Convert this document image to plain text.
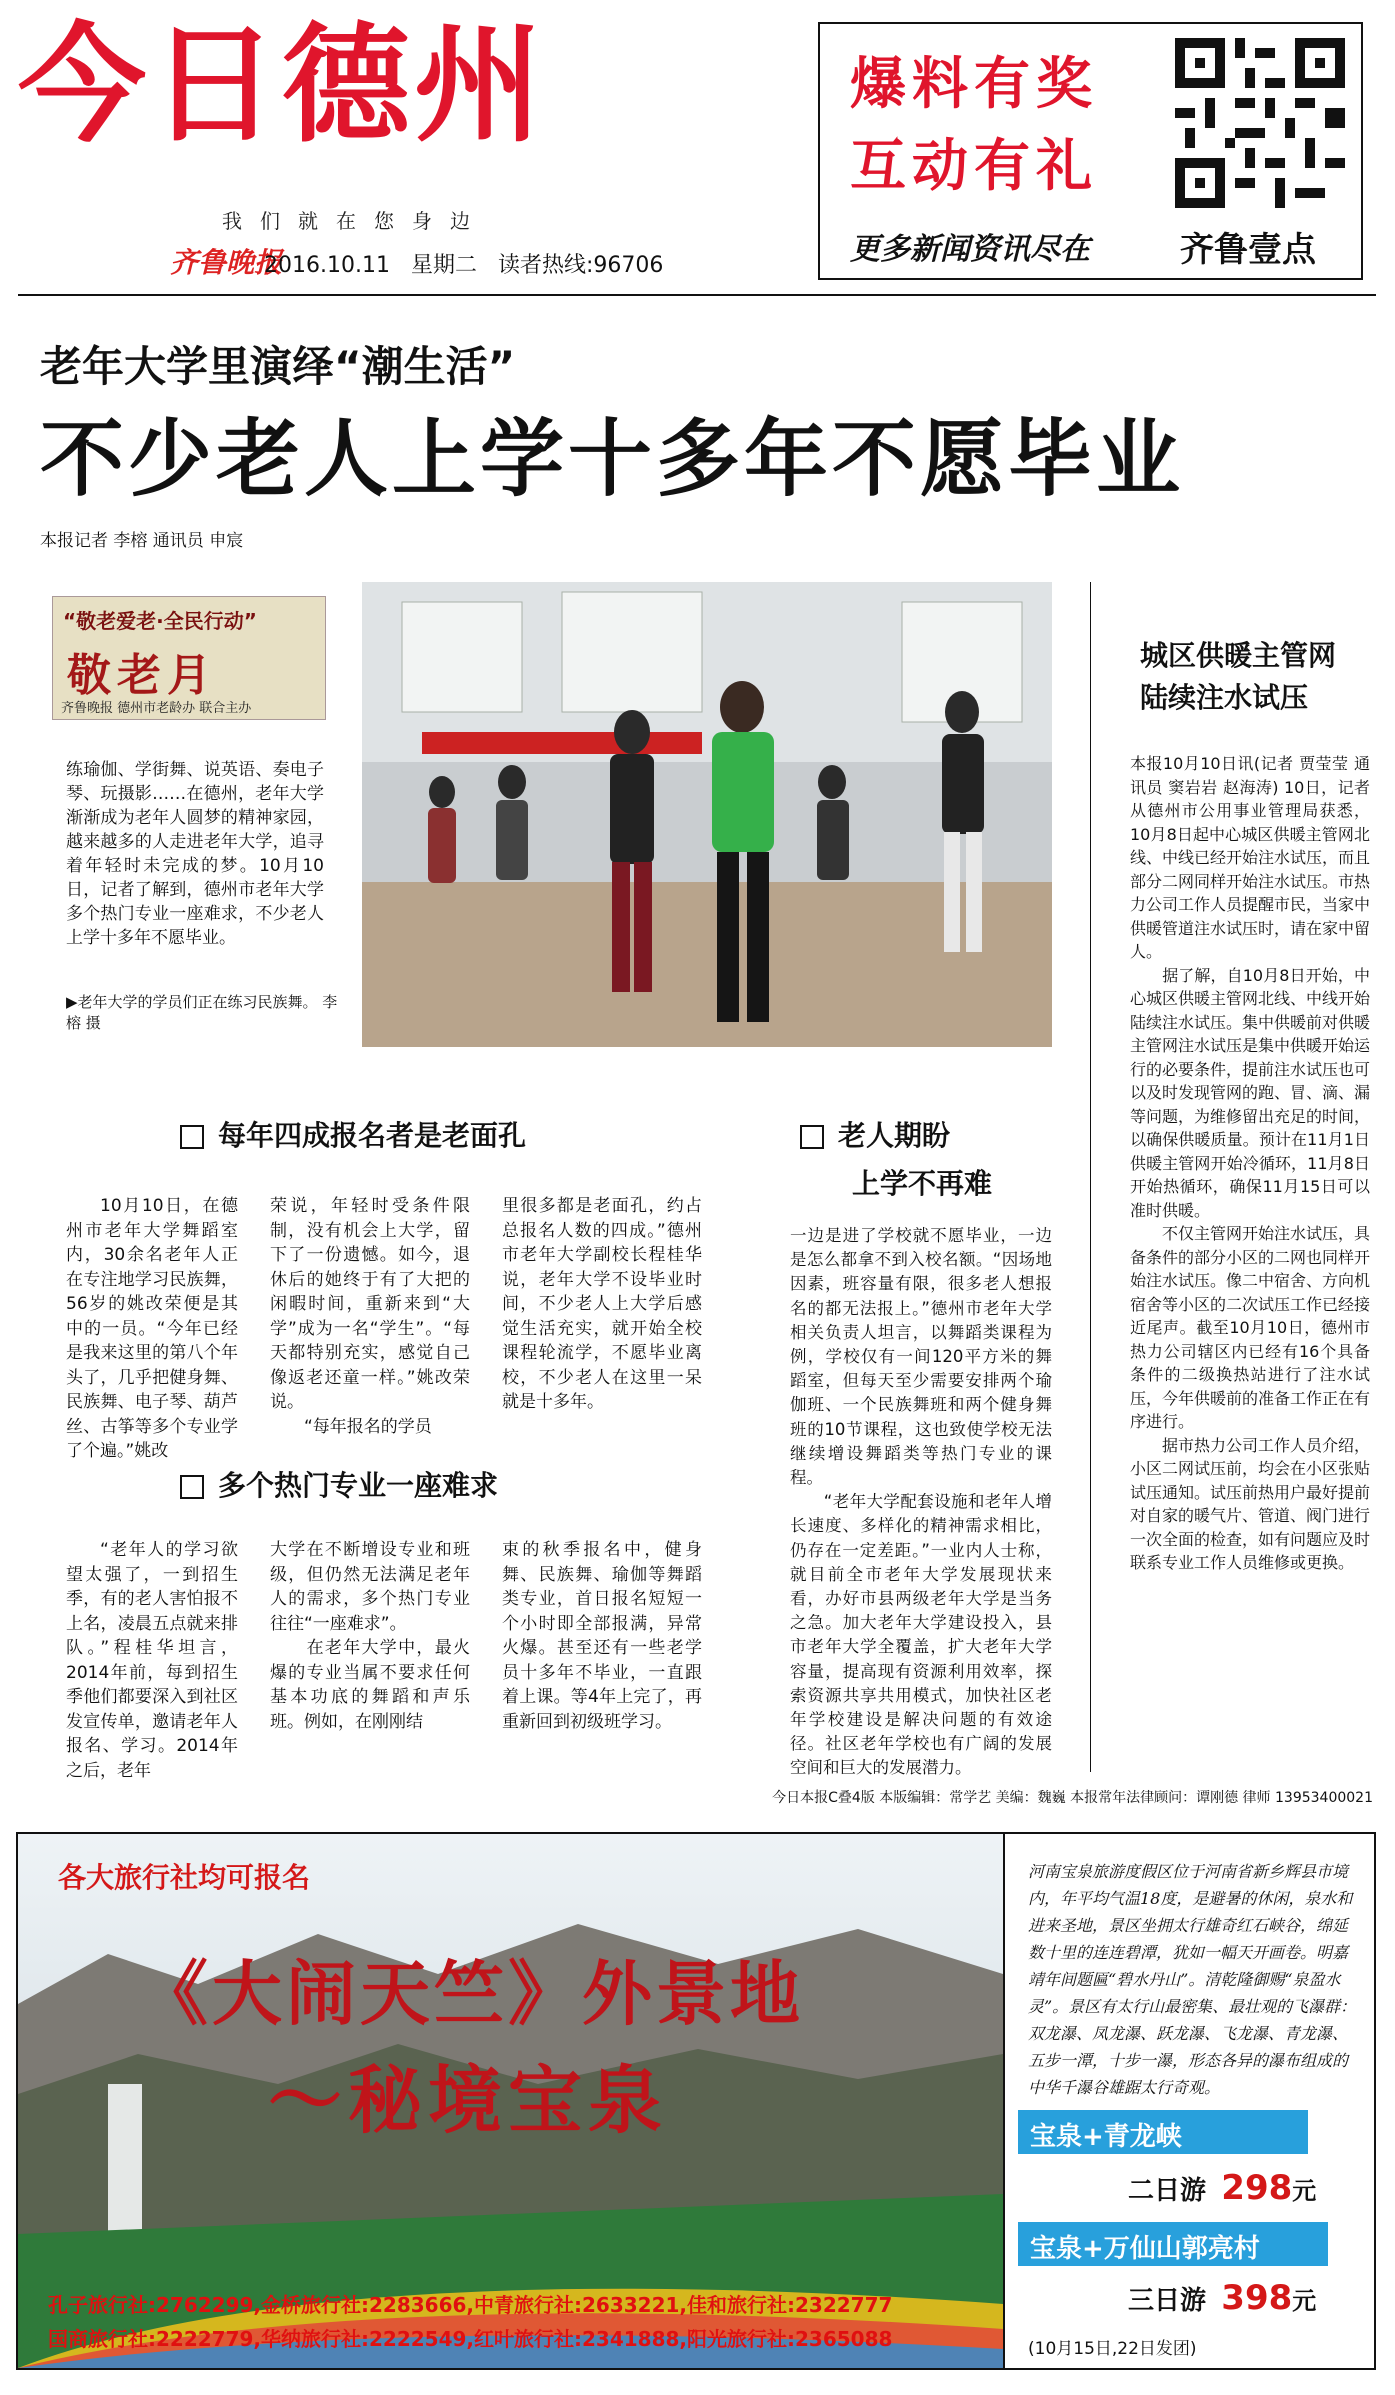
今日德州
我们就在您身边
齐鲁晚报
2016.10.11 星期二 读者热线:96706
爆料有奖
互动有礼
更多新闻资讯尽在	齐鲁壹点
老年大学里演绎“潮生活”
不少老人上学十多年不愿毕业
本报记者 李榕 通讯员 申宸
“敬老爱老·全民行动”
敬老月
齐鲁晚报 德州市老龄办 联合主办
练瑜伽、学街舞、说英语、奏电子琴、玩摄影……在德州，老年大学渐渐成为老年人圆梦的精神家园，越来越多的人走进老年大学，追寻着年轻时未完成的梦。10月10日，记者了解到，德州市老年大学多个热门专业一座难求，不少老人上学十多年不愿毕业。
▶老年大学的学员们正在练习民族舞。 李榕 摄
每年四成报名者是老面孔
10月10日，在德州市老年大学舞蹈室内，30余名老年人正在专注地学习民族舞，56岁的姚改荣便是其中的一员。“今年已经是我来这里的第八个年头了，几乎把健身舞、民族舞、电子琴、葫芦丝、古筝等多个专业学了个遍。”姚改
荣说，年轻时受条件限制，没有机会上大学，留下了一份遗憾。如今，退休后的她终于有了大把的闲暇时间，重新来到“大学”成为一名“学生”。“每天都特别充实，感觉自己像返老还童一样。”姚改荣说。
　　“每年报名的学员
里很多都是老面孔，约占总报名人数的四成。”德州市老年大学副校长程桂华说，老年大学不设毕业时间，不少老人上大学后感觉生活充实，就开始全校课程轮流学，不愿毕业离校，不少老人在这里一呆就是十多年。
多个热门专业一座难求
“老年人的学习欲望太强了，一到招生季，有的老人害怕报不上名，凌晨五点就来排队。”程桂华坦言，2014年前，每到招生季他们都要深入到社区发宣传单，邀请老年人报名、学习。2014年之后，老年
大学在不断增设专业和班级，但仍然无法满足老年人的需求，多个热门专业往往“一座难求”。
　　在老年大学中，最火爆的专业当属不要求任何基本功底的舞蹈和声乐班。例如，在刚刚结
束的秋季报名中，健身舞、民族舞、瑜伽等舞蹈类专业，首日报名短短一个小时即全部报满，异常火爆。甚至还有一些老学员十多年不毕业，一直跟着上课。等4年上完了，再重新回到初级班学习。
老人期盼
上学不再难
一边是进了学校就不愿毕业，一边是怎么都拿不到入校名额。“因场地因素，班容量有限，很多老人想报名的都无法报上。”德州市老年大学相关负责人坦言，以舞蹈类课程为例，学校仅有一间120平方米的舞蹈室，但每天至少需要安排两个瑜伽班、一个民族舞班和两个健身舞班的10节课程，这也致使学校无法继续增设舞蹈类等热门专业的课程。
　　“老年大学配套设施和老年人增长速度、多样化的精神需求相比，仍存在一定差距。”一业内人士称，就目前全市老年大学发展现状来看，办好市县两级老年大学是当务之急。加大老年大学建设投入，县市老年大学全覆盖，扩大老年大学容量，提高现有资源利用效率，探索资源共享共用模式，加快社区老年学校建设是解决问题的有效途径。社区老年学校也有广阔的发展空间和巨大的发展潜力。
城区供暖主管网
陆续注水试压
本报10月10日讯(记者 贾莹莹 通讯员 窦岩岩 赵海涛) 10日，记者从德州市公用事业管理局获悉，10月8日起中心城区供暖主管网北线、中线已经开始注水试压，而且部分二网同样开始注水试压。市热力公司工作人员提醒市民，当家中供暖管道注水试压时，请在家中留人。
　　据了解，自10月8日开始，中心城区供暖主管网北线、中线开始陆续注水试压。集中供暖前对供暖主管网注水试压是集中供暖开始运行的必要条件，提前注水试压也可以及时发现管网的跑、冒、滴、漏等问题，为维修留出充足的时间，以确保供暖质量。预计在11月1日供暖主管网开始冷循环，11月8日开始热循环，确保11月15日可以准时供暖。
　　不仅主管网开始注水试压，具备条件的部分小区的二网也同样开始注水试压。像二中宿舍、方向机宿舍等小区的二次试压工作已经接近尾声。截至10月10日，德州市热力公司辖区内已经有16个具备条件的二级换热站进行了注水试压，今年供暖前的准备工作正在有序进行。
　　据市热力公司工作人员介绍，小区二网试压前，均会在小区张贴试压通知。试压前热用户最好提前对自家的暖气片、管道、阀门进行一次全面的检查，如有问题应及时联系专业工作人员维修或更换。
今日本报C叠4版 本版编辑：常学艺 美编：魏巍 本报常年法律顾问：谭刚德 律师 13953400021
各大旅行社均可报名
《大闹天竺》外景地
～秘境宝泉
孔子旅行社:2762299,金桥旅行社:2283666,中青旅行社:2633221,佳和旅行社:2322777
国商旅行社:2222779,华纳旅行社:2222549,红叶旅行社:2341888,阳光旅行社:2365088
河南宝泉旅游度假区位于河南省新乡辉县市境内，年平均气温18度，是避暑的休闲，泉水和进来圣地，景区坐拥太行雄奇红石峡谷，绵延数十里的连连碧潭，犹如一幅天开画卷。明嘉靖年间题匾“碧水丹山”。清乾隆御赐“泉盈水灵”。景区有太行山最密集、最壮观的飞瀑群：双龙瀑、凤龙瀑、跃龙瀑、飞龙瀑、青龙瀑、五步一潭，十步一瀑，形态各异的瀑布组成的中华千瀑谷雄踞太行奇观。
宝泉+青龙峡
二日游 298元
宝泉+万仙山郭亮村
三日游 398元
(10月15日,22日发团)
